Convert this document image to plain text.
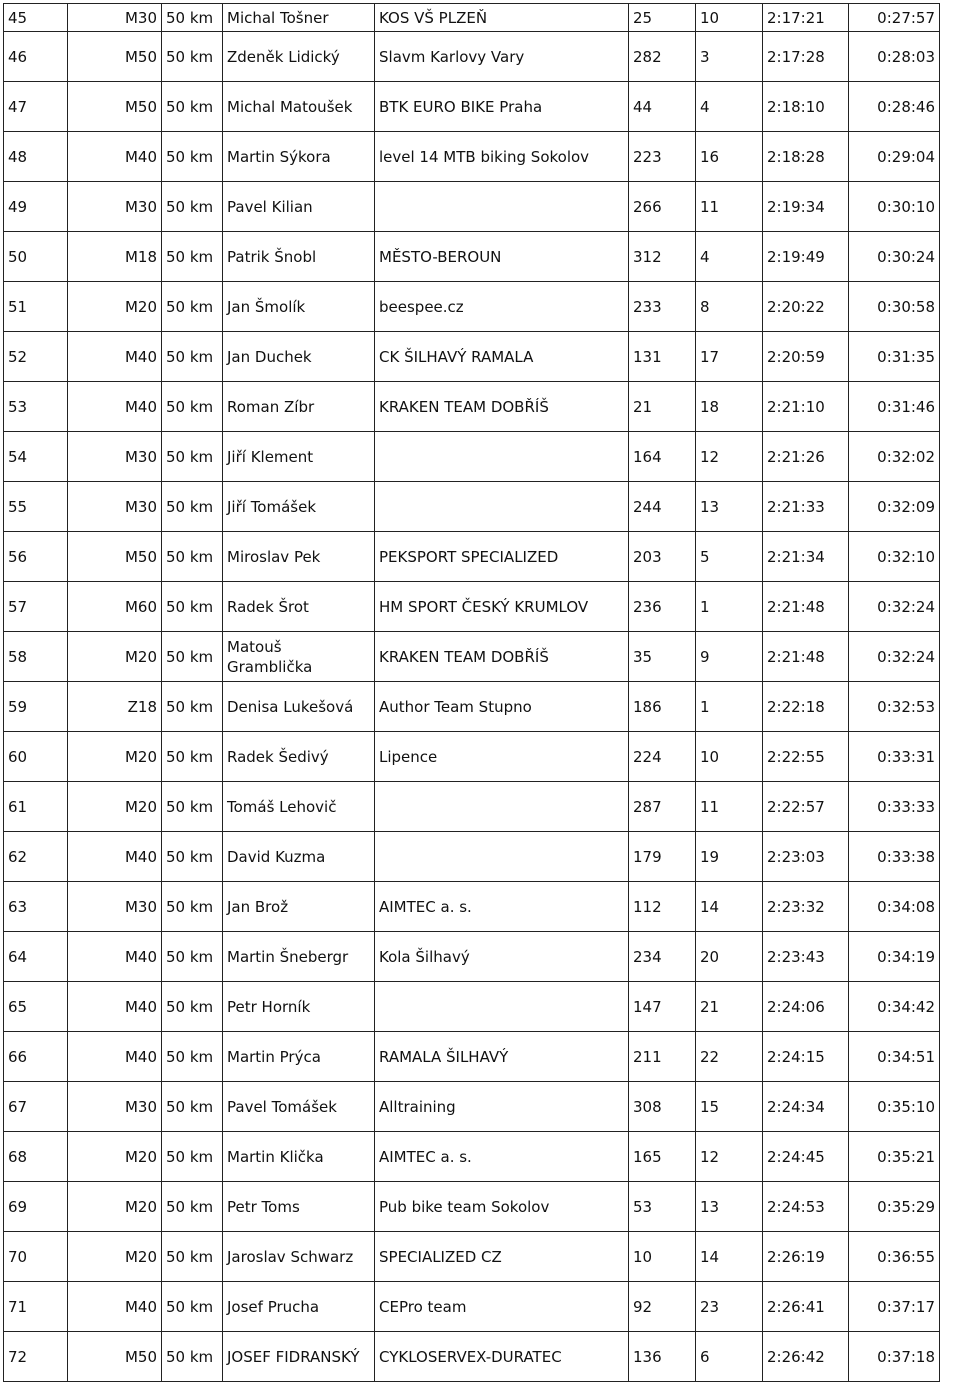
45	M30	50 km	Michal Tošner	KOS VŠ PLZEŇ	25	10	2:17:21	0:27:57
46	M50	50 km	Zdeněk Lidický	Slavm Karlovy Vary	282	3	2:17:28	0:28:03
47	M50	50 km	Michal Matoušek	BTK EURO BIKE Praha	44	4	2:18:10	0:28:46
48	M40	50 km	Martin Sýkora	level 14 MTB biking Sokolov	223	16	2:18:28	0:29:04
49	M30	50 km	Pavel Kilian		266	11	2:19:34	0:30:10
50	M18	50 km	Patrik Šnobl	MĚSTO-BEROUN	312	4	2:19:49	0:30:24
51	M20	50 km	Jan Šmolík	beespee.cz	233	8	2:20:22	0:30:58
52	M40	50 km	Jan Duchek	CK ŠILHAVÝ RAMALA	131	17	2:20:59	0:31:35
53	M40	50 km	Roman Zíbr	KRAKEN TEAM DOBŘÍŠ	21	18	2:21:10	0:31:46
54	M30	50 km	Jiří Klement		164	12	2:21:26	0:32:02
55	M30	50 km	Jiří Tomášek		244	13	2:21:33	0:32:09
56	M50	50 km	Miroslav Pek	PEKSPORT SPECIALIZED	203	5	2:21:34	0:32:10
57	M60	50 km	Radek Šrot	HM SPORT ČESKÝ KRUMLOV	236	1	2:21:48	0:32:24
58	M20	50 km	Matouš Gramblička	KRAKEN TEAM DOBŘÍŠ	35	9	2:21:48	0:32:24
59	Z18	50 km	Denisa Lukešová	Author Team Stupno	186	1	2:22:18	0:32:53
60	M20	50 km	Radek Šedivý	Lipence	224	10	2:22:55	0:33:31
61	M20	50 km	Tomáš Lehovič		287	11	2:22:57	0:33:33
62	M40	50 km	David Kuzma		179	19	2:23:03	0:33:38
63	M30	50 km	Jan Brož	AIMTEC a. s.	112	14	2:23:32	0:34:08
64	M40	50 km	Martin Šnebergr	Kola Šilhavý	234	20	2:23:43	0:34:19
65	M40	50 km	Petr Horník		147	21	2:24:06	0:34:42
66	M40	50 km	Martin Prýca	RAMALA ŠILHAVÝ	211	22	2:24:15	0:34:51
67	M30	50 km	Pavel Tomášek	Alltraining	308	15	2:24:34	0:35:10
68	M20	50 km	Martin Klička	AIMTEC a. s.	165	12	2:24:45	0:35:21
69	M20	50 km	Petr Toms	Pub bike team Sokolov	53	13	2:24:53	0:35:29
70	M20	50 km	Jaroslav Schwarz	SPECIALIZED CZ	10	14	2:26:19	0:36:55
71	M40	50 km	Josef Prucha	CEPro team	92	23	2:26:41	0:37:17
72	M50	50 km	JOSEF FIDRANSKÝ	CYKLOSERVEX-DURATEC	136	6	2:26:42	0:37:18
